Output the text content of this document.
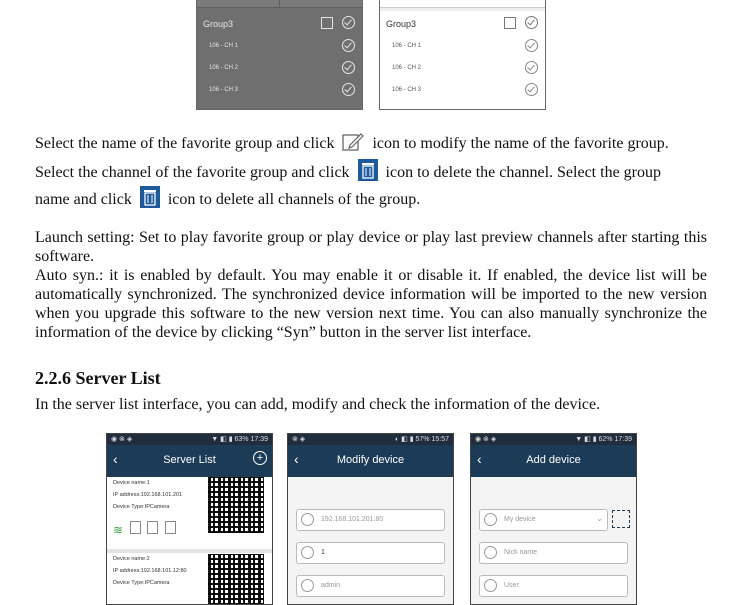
Group3
106 - CH 1
106 - CH 2
106 - CH 3
Group3
106 - CH 1
106 - CH 2
106 - CH 3
Select the name of the favorite group and click icon to modify the name of the favorite group.
Select the channel of the favorite group and click icon to delete the channel. Select the group
name and click icon to delete all channels of the group.
Launch setting: Set to play favorite group or play device or play last preview channels after starting this software.
Auto syn.: it is enabled by default. You may enable it or disable it. If enabled, the device list will be automatically synchronized. The synchronized device information will be imported to the new version when you upgrade this software to the new version next time. You can also manually synchronize the information of the device by clicking “Syn” button in the server list interface.
2.2.6 Server List
In the server list interface, you can add, modify and check the information of the device.
◉ ⊗ ◈	▼ ◧ ▮ 63% 17:39
‹	Server List	+
Device name:1
IP address:192.168.101.201
Device Type:IPCamera
≋
Device name:2
IP address:192.168.101.12:80
Device Type:IPCamera
⊗ ◈	◐ ◧ ▮ 57% 15:57
‹	Modify device
192.168.101.201:80
1
admin
◉ ⊗ ◈	▼ ◧ ▮ 62% 17:39
‹	Add device
My device	⌄
Nick name
User
